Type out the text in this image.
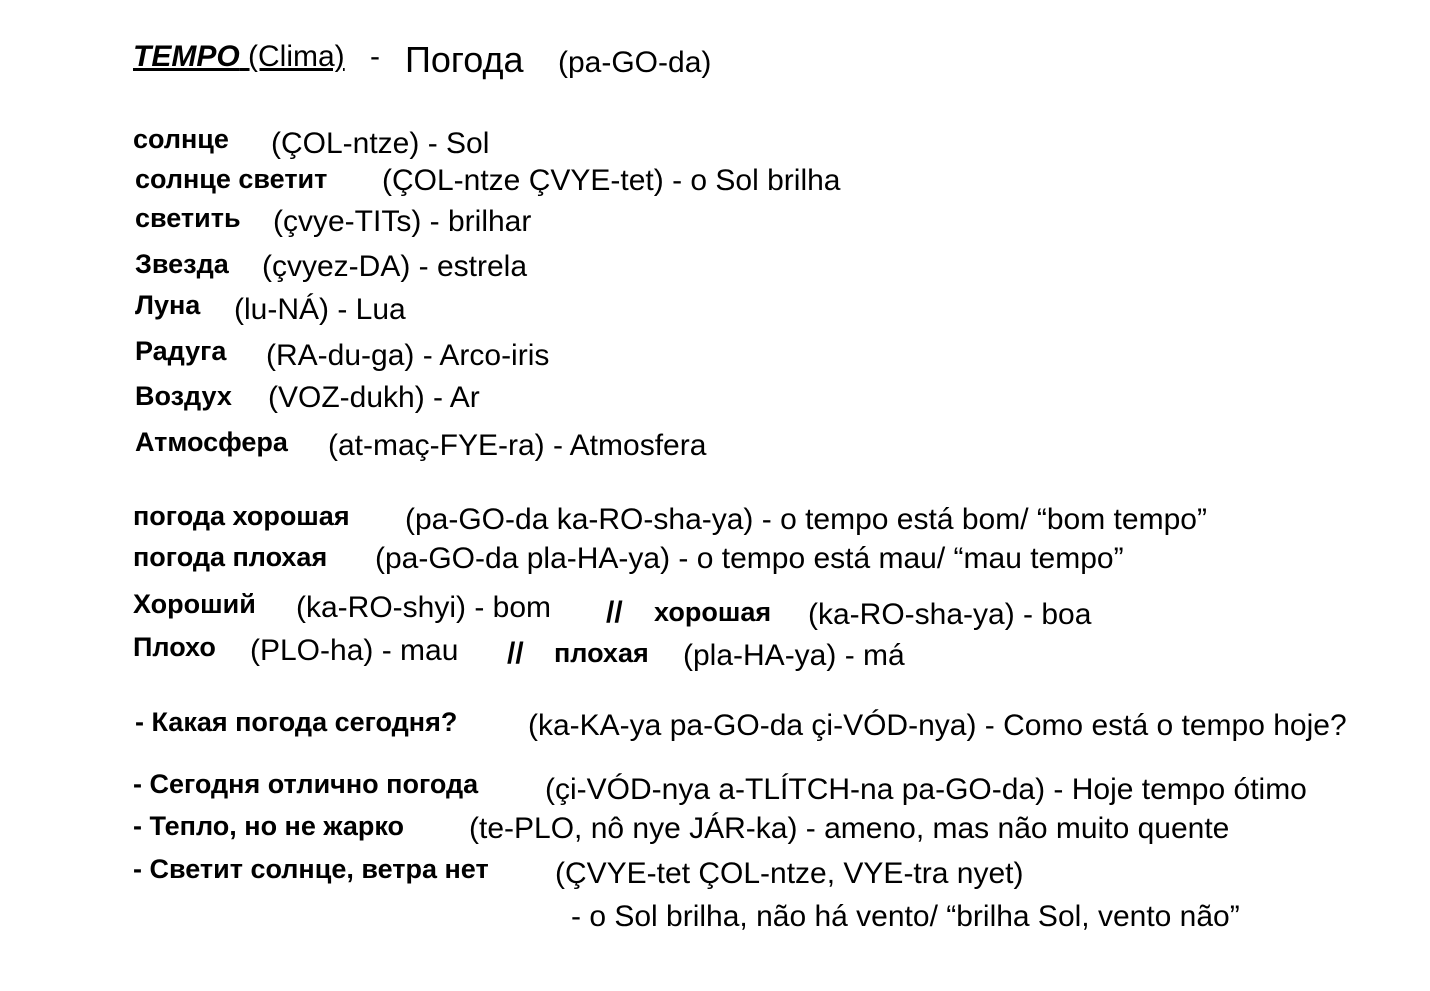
TEMPO (Clima) - Погода (pa-GO-da)
солнце (ÇOL-ntze) - Sol
солнце светит (ÇOL-ntze ÇVYE-tet) - o Sol brilha
светить (çvye-TITs) - brilhar
Звезда (çvyez-DA) - estrela
Луна (lu-NÁ) - Lua
Радуга (RA-du-ga) - Arco-iris
Воздух (VOZ-dukh) - Ar
Атмосфера (at-maç-FYE-ra) - Atmosfera
погода хорошая (pa-GO-da ka-RO-sha-ya) - o tempo está bom/ “bom tempo”
погода плохая (pa-GO-da pla-HA-ya) - o tempo está mau/ “mau tempo”
Хороший (ka-RO-shyi) - bom // хорошая (ka-RO-sha-ya) - boa
Плохо (PLO-ha) - mau // плохая (pla-HA-ya) - má
- Какая погода сегодня? (ka-KA-ya pa-GO-da çi-VÓD-nya) - Como está o tempo hoje?
- Сегодня отлично погода (çi-VÓD-nya a-TLÍTCH-na pa-GO-da) - Hoje tempo ótimo
- Тепло, но не жарко (te-PLO, nô nye JÁR-ka) - ameno, mas não muito quente
- Светит солнце, ветра нет (ÇVYE-tet ÇOL-ntze, VYE-tra nyet)
- o Sol brilha, não há vento/ “brilha Sol, vento não”
